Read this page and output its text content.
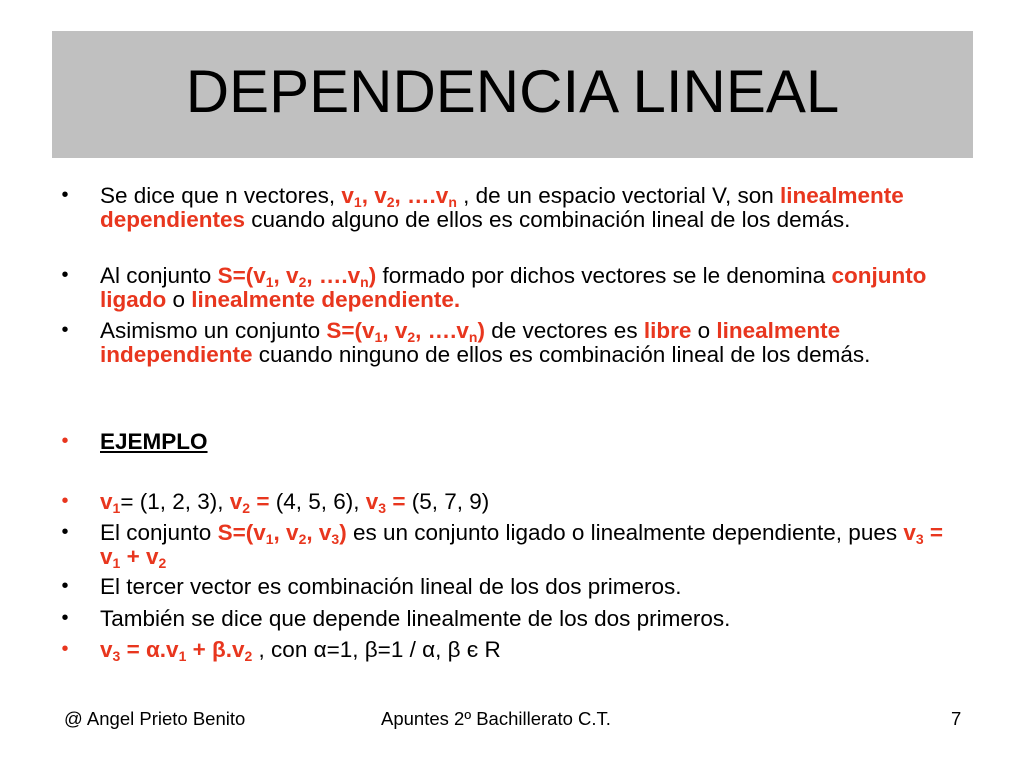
DEPENDENCIA LINEAL
• Se dice que n vectores, $v_1$, $v_2$, $\dots.v_n$ , de un espacio vectorial V, son linealmente dependientes cuando alguno de ellos es combinación lineal de los demás.
• Al conjunto $S=(v_1$, $v_2$, $\dots.v_n$) formado por dichos vectores se le denomina conjunto ligado o linealmente dependiente.
• Asimismo un conjunto $S=(v_1$, $v_2$, $\dots.v_n$) de vectores es libre o linealmente independiente cuando ninguno de ellos es combinación lineal de los demás.
• EJEMPLO
• $v_1= (1$, 2, 3), $v_2 = (4$, 5, 6), $v_3 = (5$, 7, 9)
• El conjunto $S=(v_1$, $v_2$, $v_3$) es un conjunto ligado o linealmente dependiente, pues $v_3 = v_1 + v_2$
• El tercer vector es combinación lineal de los dos primeros.
• También se dice que depende linealmente de los dos primeros.
• $v_3 = \alpha.v_1 + \beta.v_2$ , con α=1, β=1 / α, β є R
@ Angel Prieto Benito	Apuntes 2º Bachillerato C.T.	7
